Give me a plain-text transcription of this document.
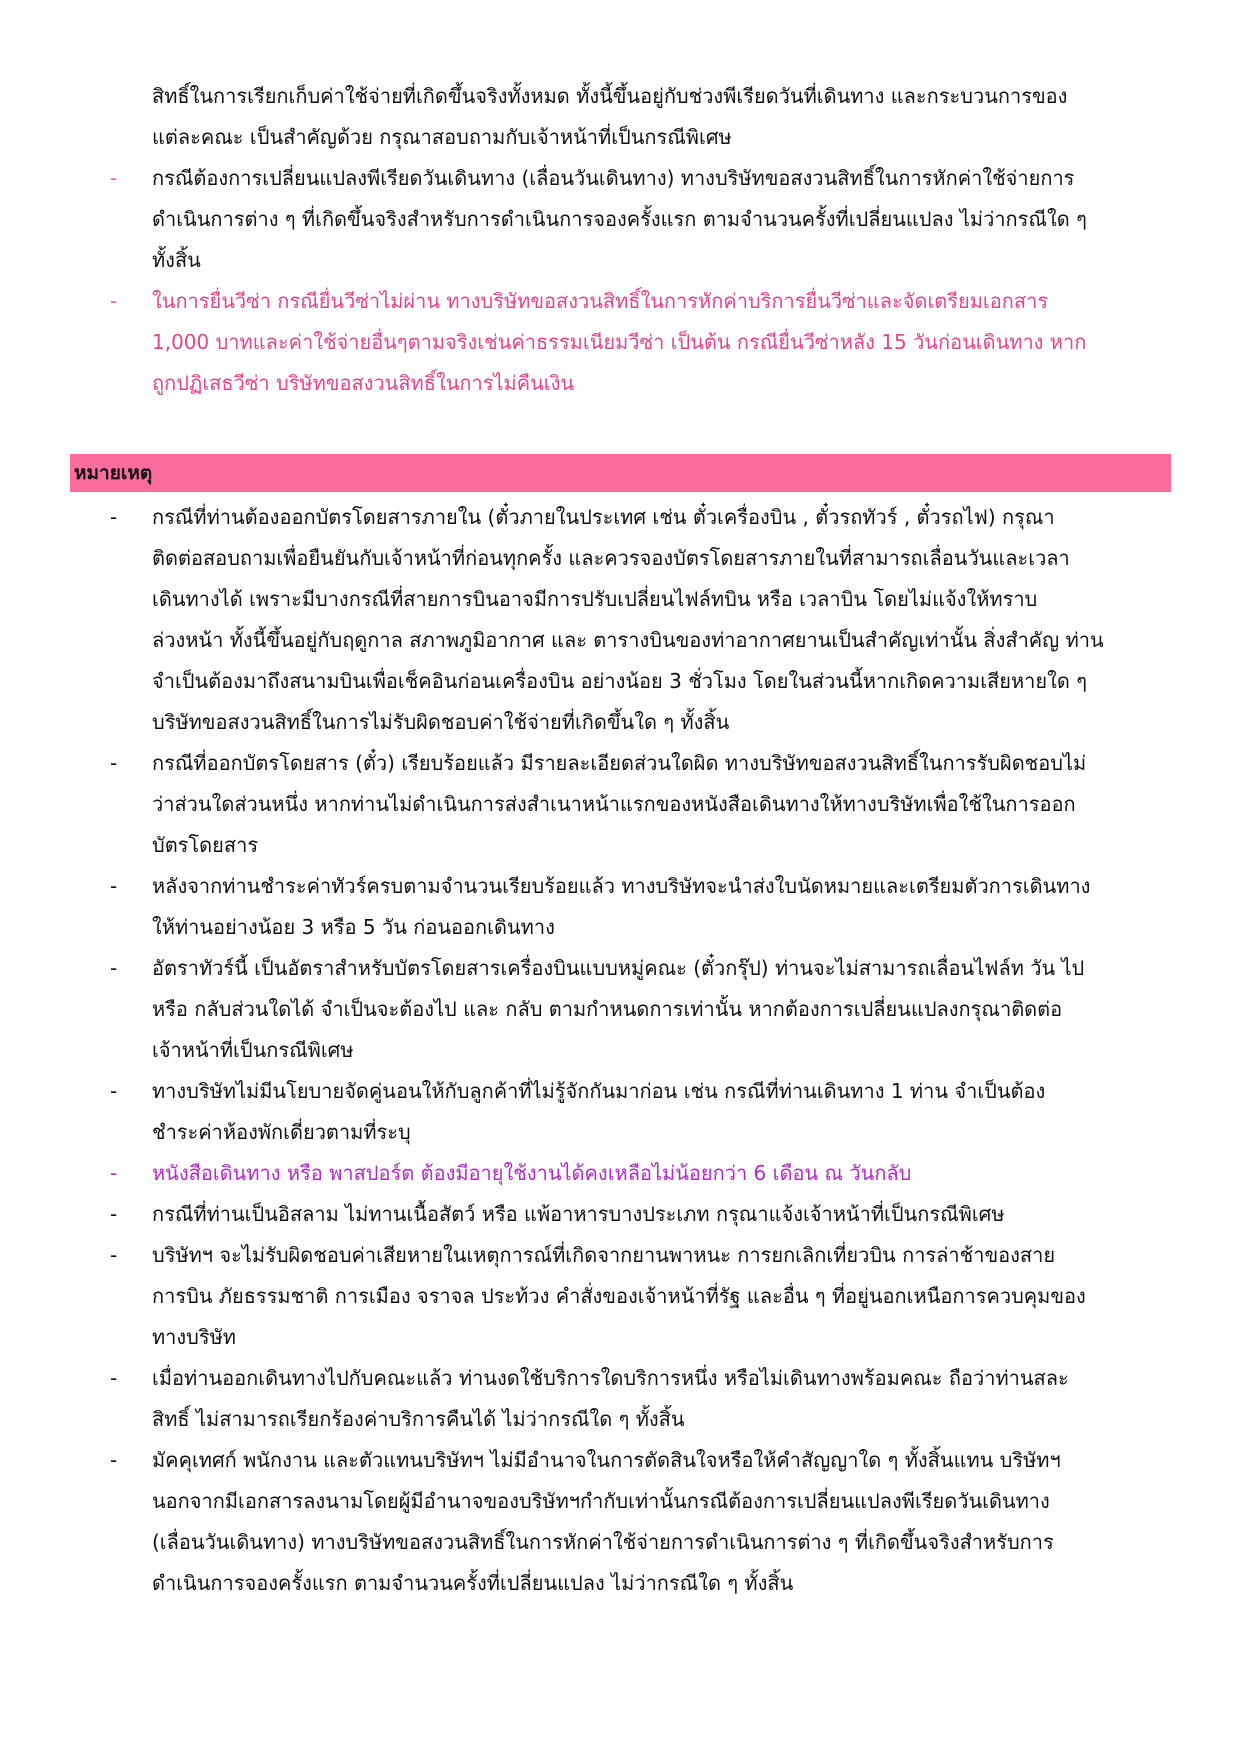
สิทธิ์ในการเรียกเก็บค่าใช้จ่ายที่เกิดขึ้นจริงทั้งหมด ทั้งนี้ขึ้นอยู่กับช่วงพีเรียดวันที่เดินทาง และกระบวนการของ
แต่ละคณะ เป็นสำคัญด้วย กรุณาสอบถามกับเจ้าหน้าที่เป็นกรณีพิเศษ
-	กรณีต้องการเปลี่ยนแปลงพีเรียดวันเดินทาง (เลื่อนวันเดินทาง) ทางบริษัทขอสงวนสิทธิ์ในการหักค่าใช้จ่ายการ
ดำเนินการต่าง ๆ ที่เกิดขึ้นจริงสำหรับการดำเนินการจองครั้งแรก ตามจำนวนครั้งที่เปลี่ยนแปลง ไม่ว่ากรณีใด ๆ
ทั้งสิ้น
-	ในการยื่นวีซ่า กรณียื่นวีซ่าไม่ผ่าน ทางบริษัทขอสงวนสิทธิ์ในการหักค่าบริการยื่นวีซ่าและจัดเตรียมเอกสาร
1,000 บาทและค่าใช้จ่ายอื่นๆตามจริงเช่นค่าธรรมเนียมวีซ่า เป็นต้น กรณียื่นวีซ่าหลัง 15 วันก่อนเดินทาง หาก
ถูกปฏิเสธวีซ่า บริษัทขอสงวนสิทธิ์ในการไม่คืนเงิน
หมายเหตุ
-	กรณีที่ท่านต้องออกบัตรโดยสารภายใน (ตั๋วภายในประเทศ เช่น ตั๋วเครื่องบิน , ตั๋วรถทัวร์ , ตั๋วรถไฟ) กรุณา
ติดต่อสอบถามเพื่อยืนยันกับเจ้าหน้าที่ก่อนทุกครั้ง และควรจองบัตรโดยสารภายในที่สามารถเลื่อนวันและเวลา
เดินทางได้ เพราะมีบางกรณีที่สายการบินอาจมีการปรับเปลี่ยนไฟล์ทบิน หรือ เวลาบิน โดยไม่แจ้งให้ทราบ
ล่วงหน้า ทั้งนี้ขึ้นอยู่กับฤดูกาล สภาพภูมิอากาศ และ ตารางบินของท่าอากาศยานเป็นสำคัญเท่านั้น สิ่งสำคัญ ท่าน
จำเป็นต้องมาถึงสนามบินเพื่อเช็คอินก่อนเครื่องบิน อย่างน้อย 3 ชั่วโมง โดยในส่วนนี้หากเกิดความเสียหายใด ๆ
บริษัทขอสงวนสิทธิ์ในการไม่รับผิดชอบค่าใช้จ่ายที่เกิดขึ้นใด ๆ ทั้งสิ้น
-	กรณีที่ออกบัตรโดยสาร (ตั๋ว) เรียบร้อยแล้ว มีรายละเอียดส่วนใดผิด ทางบริษัทขอสงวนสิทธิ์ในการรับผิดชอบไม่
ว่าส่วนใดส่วนหนึ่ง หากท่านไม่ดำเนินการส่งสำเนาหน้าแรกของหนังสือเดินทางให้ทางบริษัทเพื่อใช้ในการออก
บัตรโดยสาร
-	หลังจากท่านชำระค่าทัวร์ครบตามจำนวนเรียบร้อยแล้ว ทางบริษัทจะนำส่งใบนัดหมายและเตรียมตัวการเดินทาง
ให้ท่านอย่างน้อย 3 หรือ 5 วัน ก่อนออกเดินทาง
-	อัตราทัวร์นี้ เป็นอัตราสำหรับบัตรโดยสารเครื่องบินแบบหมู่คณะ (ตั๋วกรุ๊ป) ท่านจะไม่สามารถเลื่อนไฟล์ท วัน ไป
หรือ กลับส่วนใดได้ จำเป็นจะต้องไป และ กลับ ตามกำหนดการเท่านั้น หากต้องการเปลี่ยนแปลงกรุณาติดต่อ
เจ้าหน้าที่เป็นกรณีพิเศษ
-	ทางบริษัทไม่มีนโยบายจัดคู่นอนให้กับลูกค้าที่ไม่รู้จักกันมาก่อน เช่น กรณีที่ท่านเดินทาง 1 ท่าน จำเป็นต้อง
ชำระค่าห้องพักเดี่ยวตามที่ระบุ
-	หนังสือเดินทาง หรือ พาสปอร์ต ต้องมีอายุใช้งานได้คงเหลือไม่น้อยกว่า 6 เดือน ณ วันกลับ
-	กรณีที่ท่านเป็นอิสลาม ไม่ทานเนื้อสัตว์ หรือ แพ้อาหารบางประเภท กรุณาแจ้งเจ้าหน้าที่เป็นกรณีพิเศษ
-	บริษัทฯ จะไม่รับผิดชอบค่าเสียหายในเหตุการณ์ที่เกิดจากยานพาหนะ การยกเลิกเที่ยวบิน การล่าช้าของสาย
การบิน ภัยธรรมชาติ การเมือง จราจล ประท้วง คำสั่งของเจ้าหน้าที่รัฐ และอื่น ๆ ที่อยู่นอกเหนือการควบคุมของ
ทางบริษัท
-	เมื่อท่านออกเดินทางไปกับคณะแล้ว ท่านงดใช้บริการใดบริการหนึ่ง หรือไม่เดินทางพร้อมคณะ ถือว่าท่านสละ
สิทธิ์ ไม่สามารถเรียกร้องค่าบริการคืนได้ ไม่ว่ากรณีใด ๆ ทั้งสิ้น
-	มัคคุเทศก์ พนักงาน และตัวแทนบริษัทฯ ไม่มีอำนาจในการตัดสินใจหรือให้คำสัญญาใด ๆ ทั้งสิ้นแทน บริษัทฯ
นอกจากมีเอกสารลงนามโดยผู้มีอำนาจของบริษัทฯกำกับเท่านั้นกรณีต้องการเปลี่ยนแปลงพีเรียดวันเดินทาง
(เลื่อนวันเดินทาง) ทางบริษัทขอสงวนสิทธิ์ในการหักค่าใช้จ่ายการดำเนินการต่าง ๆ ที่เกิดขึ้นจริงสำหรับการ
ดำเนินการจองครั้งแรก ตามจำนวนครั้งที่เปลี่ยนแปลง ไม่ว่ากรณีใด ๆ ทั้งสิ้น
